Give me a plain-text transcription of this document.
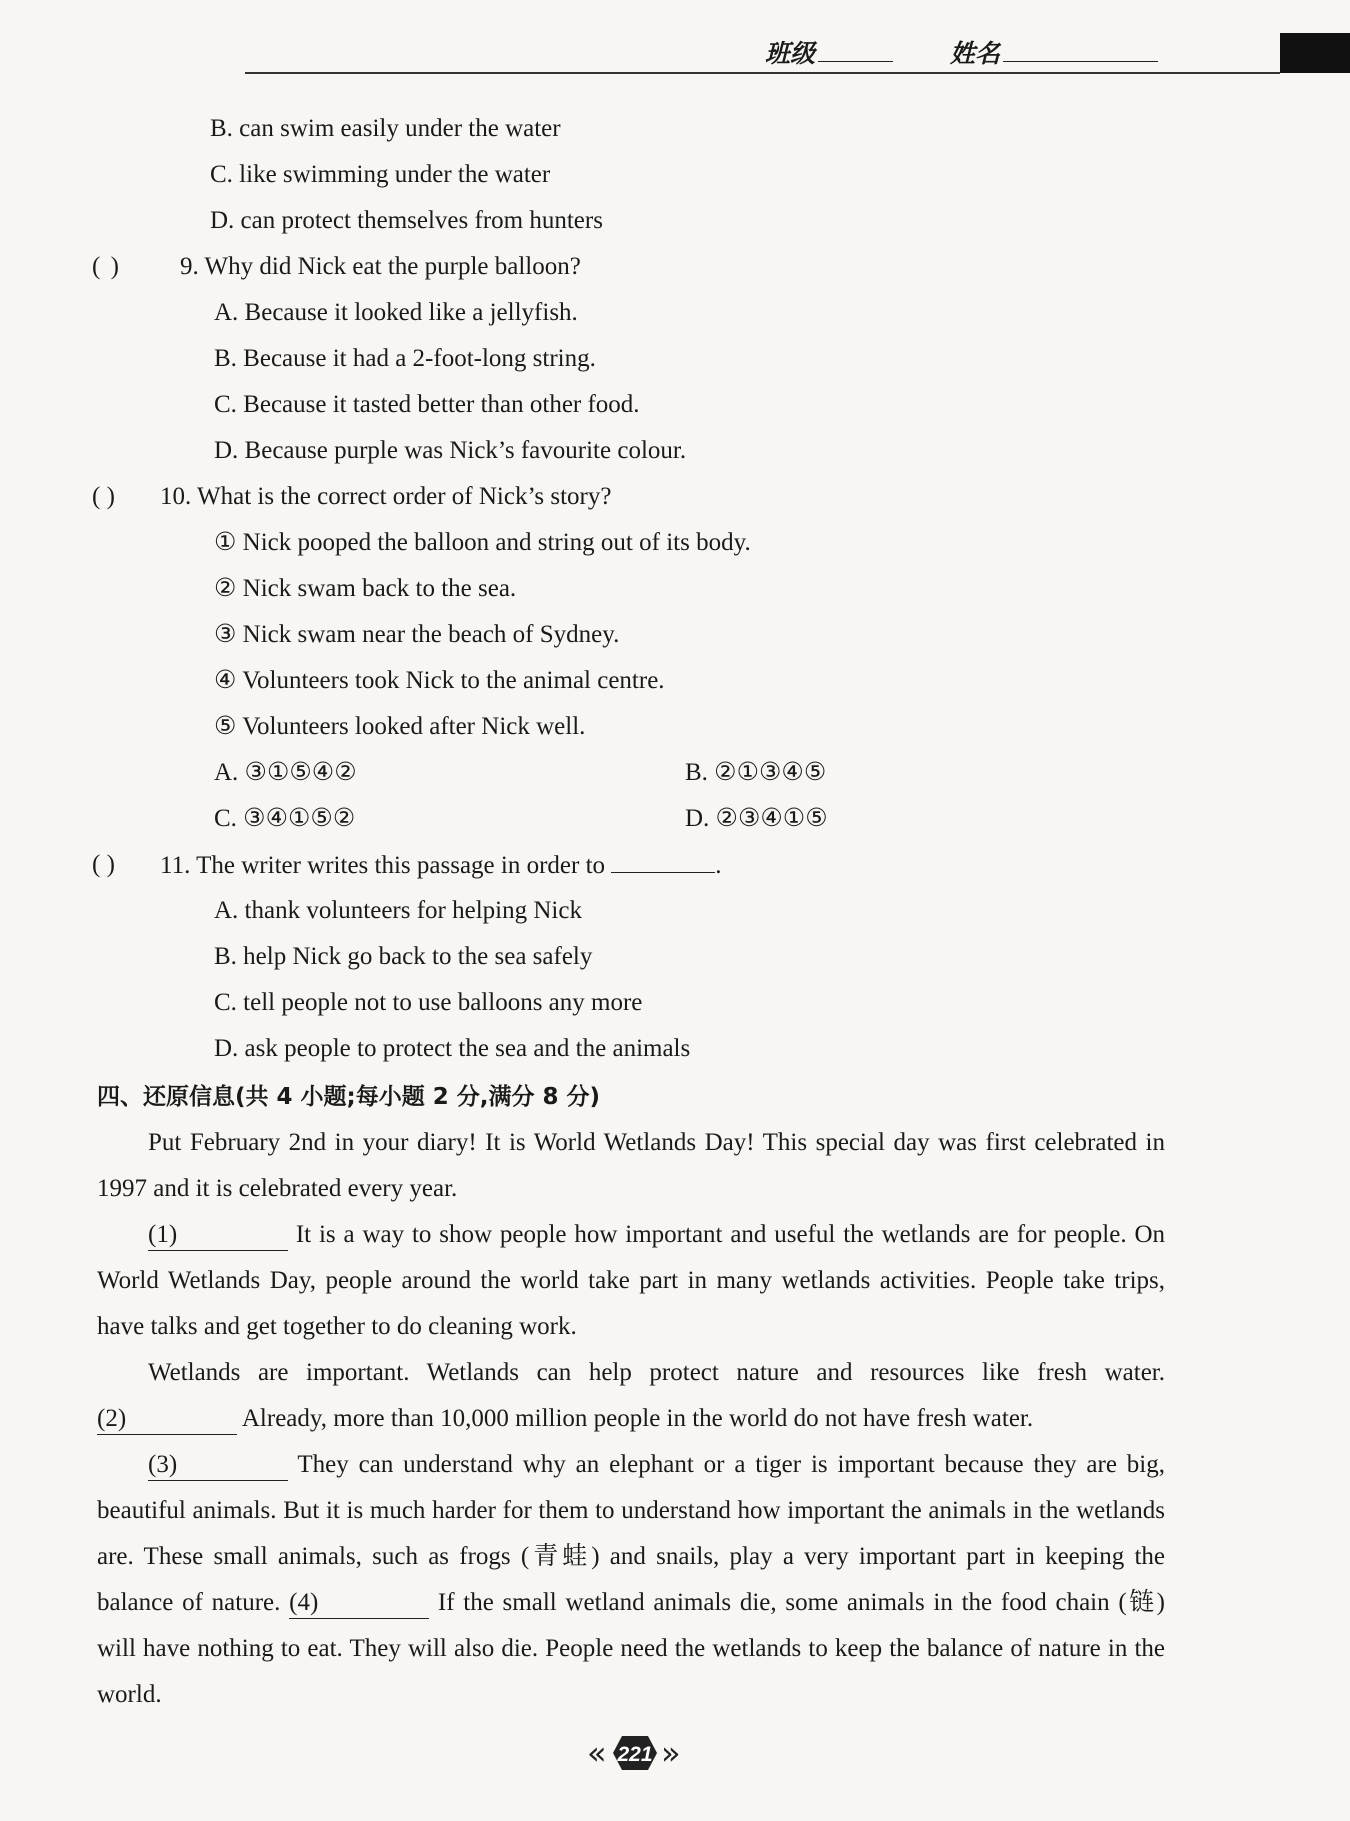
班级	姓名
B. can swim easily under the water
C. like swimming under the water
D. can protect themselves from hunters
( ) 9. Why did Nick eat the purple balloon?
A. Because it looked like a jellyfish.
B. Because it had a 2-foot-long string.
C. Because it tasted better than other food.
D. Because purple was Nick’s favourite colour.
( ) 10. What is the correct order of Nick’s story?
① Nick pooped the balloon and string out of its body.
② Nick swam back to the sea.
③ Nick swam near the beach of Sydney.
④ Volunteers took Nick to the animal centre.
⑤ Volunteers looked after Nick well.
A. ③①⑤④②	B. ②①③④⑤
C. ③④①⑤②	D. ②③④①⑤
( ) 11. The writer writes this passage in order to	.
A. thank volunteers for helping Nick
B. help Nick go back to the sea safely
C. tell people not to use balloons any more
D. ask people to protect the sea and the animals
四、还原信息(共 4 小题;每小题 2 分,满分 8 分)
Put February 2nd in your diary! It is World Wetlands Day! This special day was first celebrated in 1997 and it is celebrated every year.
(1)	It is a way to show people how important and useful the wetlands are for people. On World Wetlands Day, people around the world take part in many wetlands activities. People take trips, have talks and get together to do cleaning work.
Wetlands are important. Wetlands can help protect nature and resources like fresh water. (2)	Already, more than 10,000 million people in the world do not have fresh water.
(3)	They can understand why an elephant or a tiger is important because they are big, beautiful animals. But it is much harder for them to understand how important the animals in the wetlands are. These small animals, such as frogs (青蛙) and snails, play a very important part in keeping the balance of nature. (4)	If the small wetland animals die, some animals in the food chain (链) will have nothing to eat. They will also die. People need the wetlands to keep the balance of nature in the world.
« »
221
